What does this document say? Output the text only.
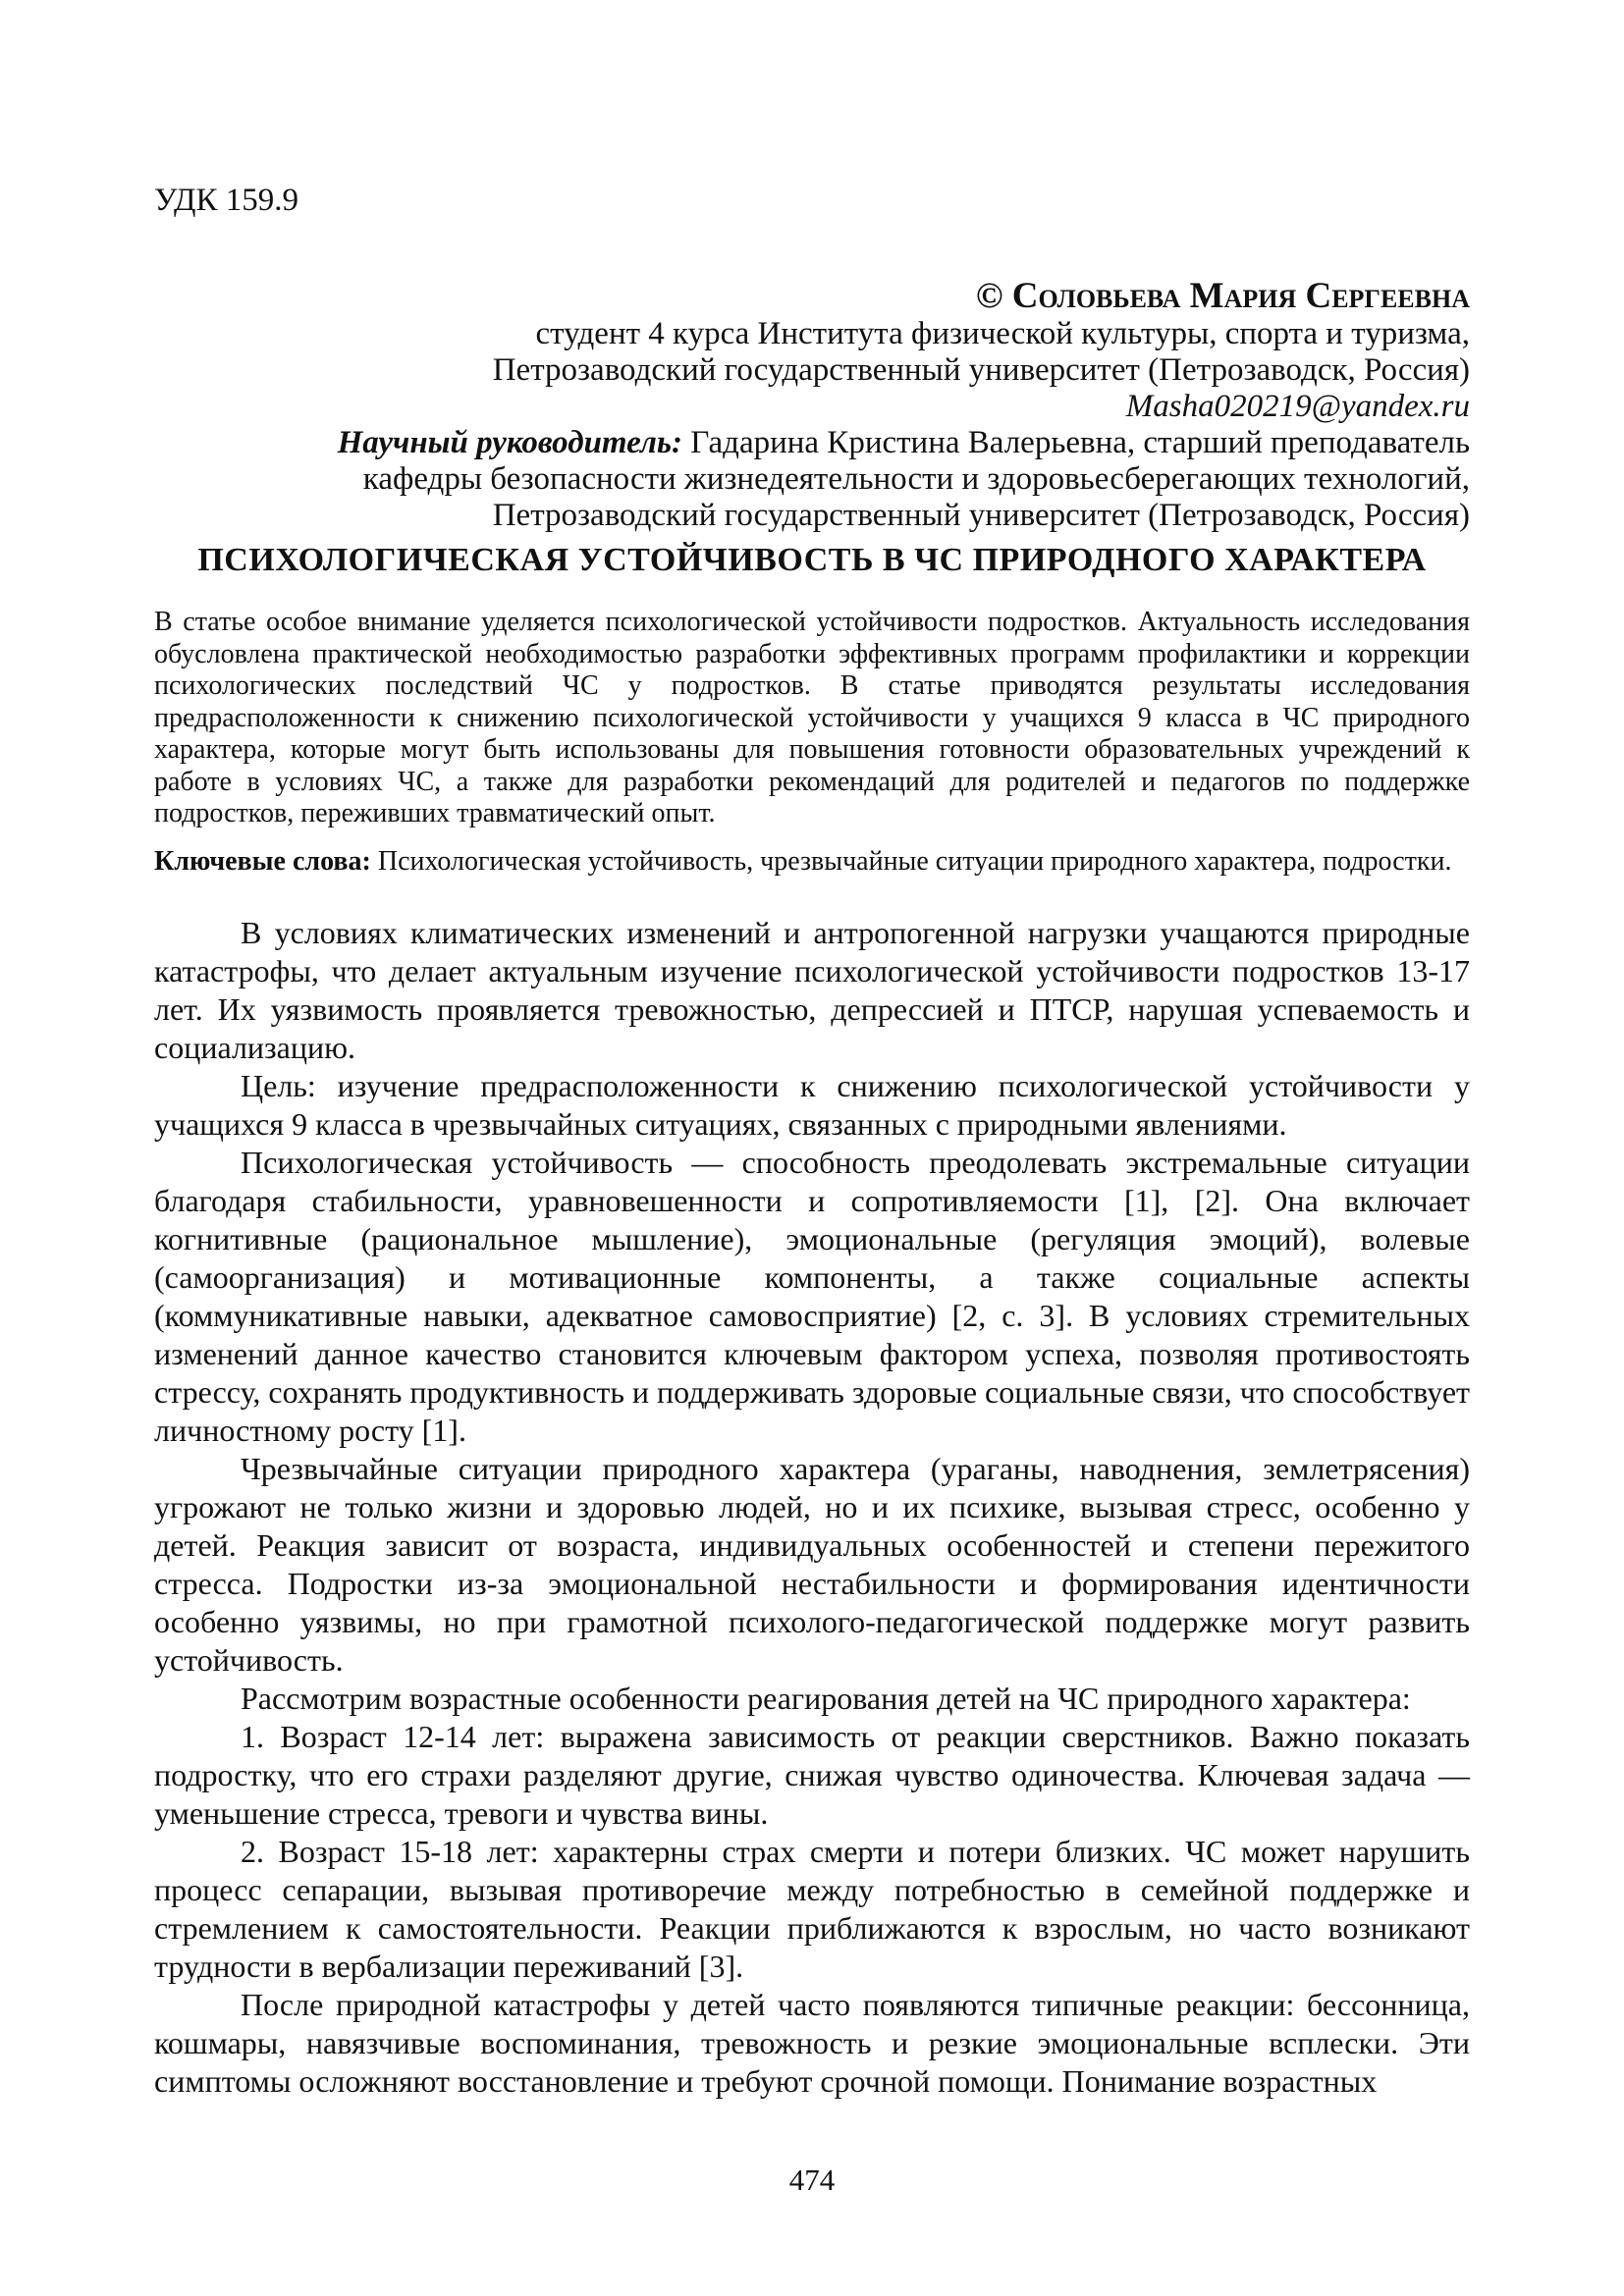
УДК 159.9
© Соловьева Мария Сергеевна
студент 4 курса Института физической культуры, спорта и туризма,
Петрозаводский государственный университет (Петрозаводск, Россия)
Masha020219@yandex.ru
Научный руководитель: Гадарина Кристина Валерьевна, старший преподаватель
кафедры безопасности жизнедеятельности и здоровьесберегающих технологий,
Петрозаводский государственный университет (Петрозаводск, Россия)
ПСИХОЛОГИЧЕСКАЯ УСТОЙЧИВОСТЬ В ЧС ПРИРОДНОГО ХАРАКТЕРА

В статье особое внимание уделяется психологической устойчивости подростков. Актуальность исследования обусловлена практической необходимостью разработки эффективных программ профилактики и коррекции психологических последствий ЧС у подростков. В статье приводятся результаты исследования предрасположенности к снижению психологической устойчивости у учащихся 9 класса в ЧС природного характера, которые могут быть использованы для повышения готовности образовательных учреждений к работе в условиях ЧС, а также для разработки рекомендаций для родителей и педагогов по поддержке подростков, переживших травматический опыт.

Ключевые слова: Психологическая устойчивость, чрезвычайные ситуации природного характера, подростки.

В условиях климатических изменений и антропогенной нагрузки учащаются природные катастрофы, что делает актуальным изучение психологической устойчивости подростков 13-17 лет. Их уязвимость проявляется тревожностью, депрессией и ПТСР, нарушая успеваемость и социализацию.

Цель: изучение предрасположенности к снижению психологической устойчивости у учащихся 9 класса в чрезвычайных ситуациях, связанных с природными явлениями.

Психологическая устойчивость — способность преодолевать экстремальные ситуации благодаря стабильности, уравновешенности и сопротивляемости [1], [2]. Она включает когнитивные (рациональное мышление), эмоциональные (регуляция эмоций), волевые (самоорганизация) и мотивационные компоненты, а также социальные аспекты (коммуникативные навыки, адекватное самовосприятие) [2, с. 3]. В условиях стремительных изменений данное качество становится ключевым фактором успеха, позволяя противостоять стрессу, сохранять продуктивность и поддерживать здоровые социальные связи, что способствует личностному росту [1].

Чрезвычайные ситуации природного характера (ураганы, наводнения, землетрясения) угрожают не только жизни и здоровью людей, но и их психике, вызывая стресс, особенно у детей. Реакция зависит от возраста, индивидуальных особенностей и степени пережитого стресса. Подростки из-за эмоциональной нестабильности и формирования идентичности особенно уязвимы, но при грамотной психолого-педагогической поддержке могут развить устойчивость.

Рассмотрим возрастные особенности реагирования детей на ЧС природного характера:

1. Возраст 12-14 лет: выражена зависимость от реакции сверстников. Важно показать подростку, что его страхи разделяют другие, снижая чувство одиночества. Ключевая задача — уменьшение стресса, тревоги и чувства вины.

2. Возраст 15-18 лет: характерны страх смерти и потери близких. ЧС может нарушить процесс сепарации, вызывая противоречие между потребностью в семейной поддержке и стремлением к самостоятельности. Реакции приближаются к взрослым, но часто возникают трудности в вербализации переживаний [3].

После природной катастрофы у детей часто появляются типичные реакции: бессонница, кошмары, навязчивые воспоминания, тревожность и резкие эмоциональные всплески. Эти симптомы осложняют восстановление и требуют срочной помощи. Понимание возрастных

474
